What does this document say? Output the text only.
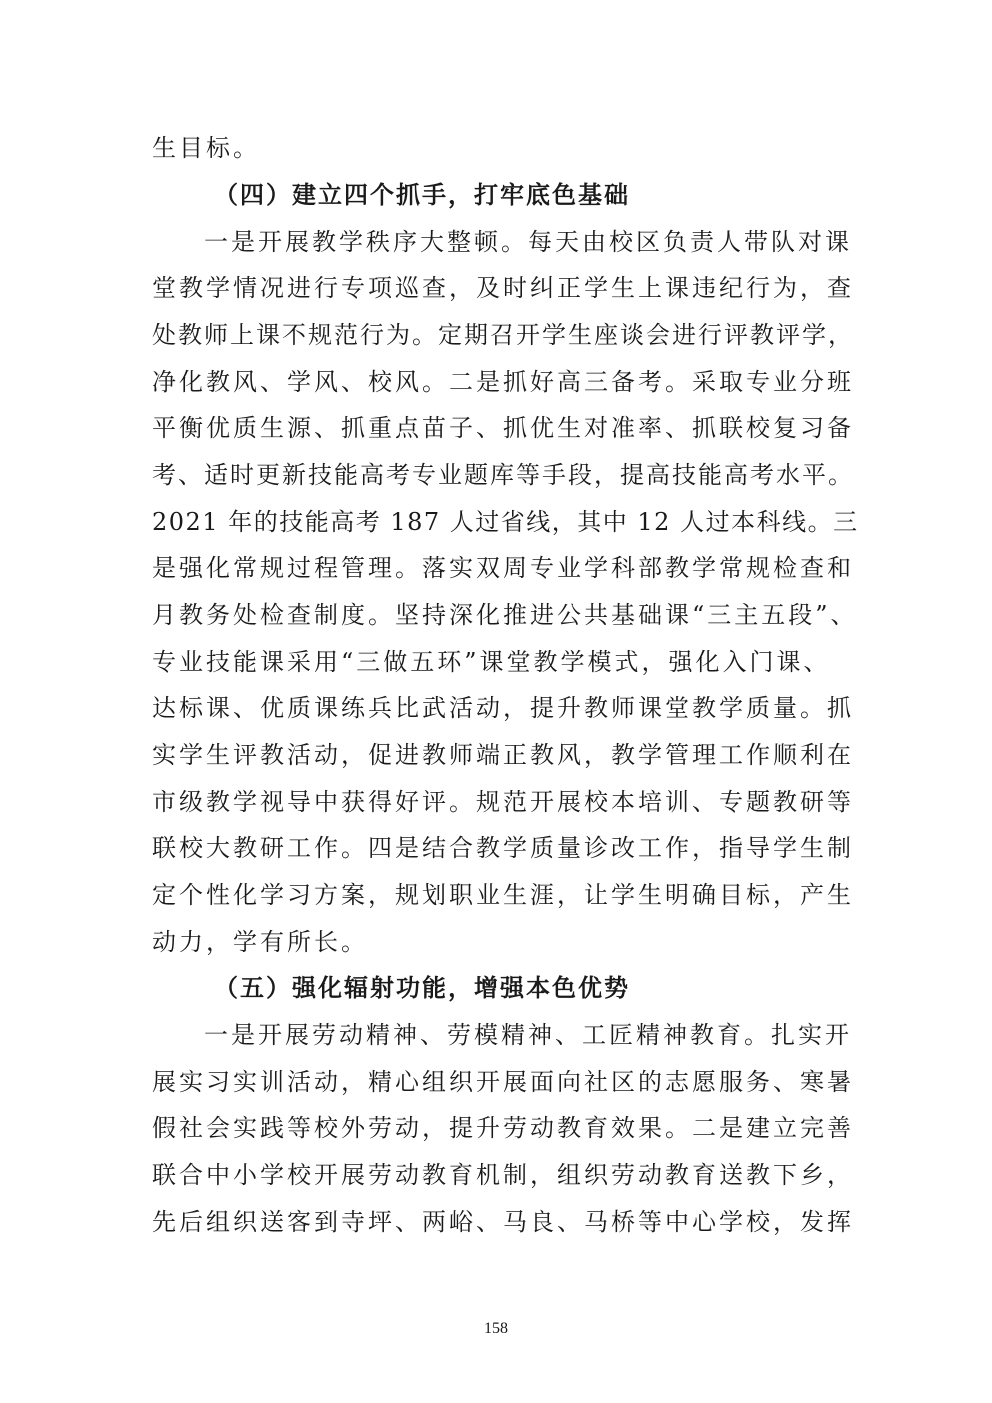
生目标。
（四）建立四个抓手，打牢底色基础
一是开展教学秩序大整顿。每天由校区负责人带队对课
堂教学情况进行专项巡查，及时纠正学生上课违纪行为，查
处教师上课不规范行为。定期召开学生座谈会进行评教评学，
净化教风、学风、校风。二是抓好高三备考。采取专业分班
平衡优质生源、抓重点苗子、抓优生对准率、抓联校复习备
考、适时更新技能高考专业题库等手段，提高技能高考水平。
2021 年的技能高考 187 人过省线，其中 12 人过本科线。三
是强化常规过程管理。落实双周专业学科部教学常规检查和
月教务处检查制度。坚持深化推进公共基础课“三主五段”、
专业技能课采用“三做五环”课堂教学模式，强化入门课、
达标课、优质课练兵比武活动，提升教师课堂教学质量。抓
实学生评教活动，促进教师端正教风，教学管理工作顺利在
市级教学视导中获得好评。规范开展校本培训、专题教研等
联校大教研工作。四是结合教学质量诊改工作，指导学生制
定个性化学习方案，规划职业生涯，让学生明确目标，产生
动力，学有所长。
（五）强化辐射功能，增强本色优势
一是开展劳动精神、劳模精神、工匠精神教育。扎实开
展实习实训活动，精心组织开展面向社区的志愿服务、寒暑
假社会实践等校外劳动，提升劳动教育效果。二是建立完善
联合中小学校开展劳动教育机制，组织劳动教育送教下乡，
先后组织送客到寺坪、两峪、马良、马桥等中心学校，发挥
158
